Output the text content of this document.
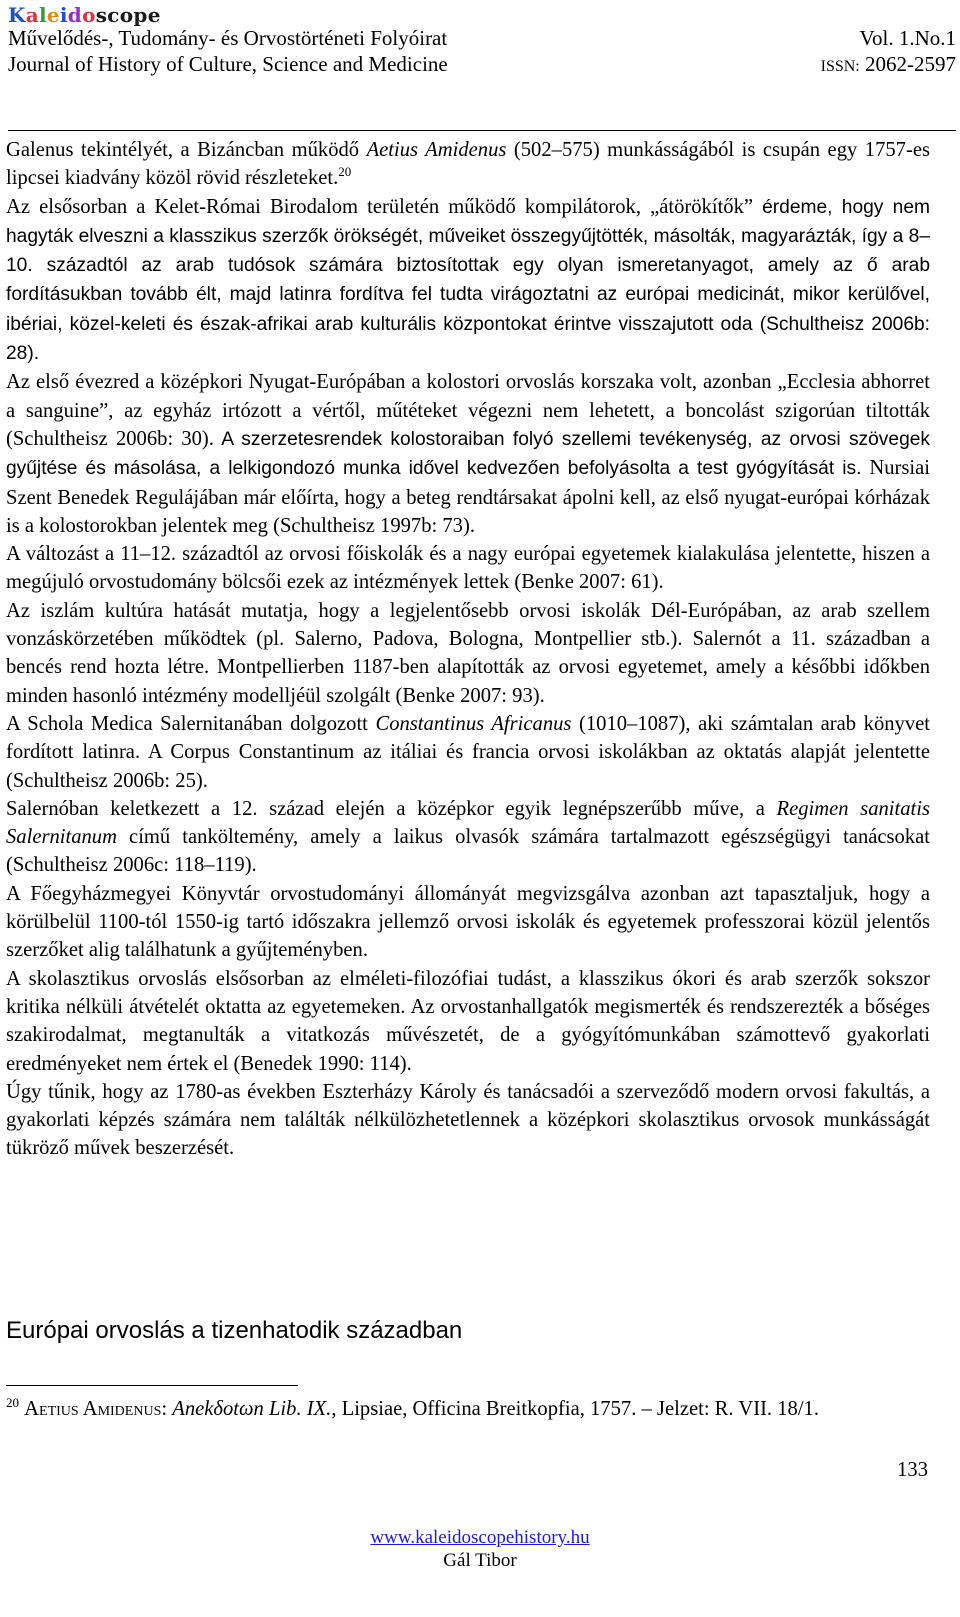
Kaleidoscope
Művelődés-, Tudomány- és Orvostörténeti Folyóirat
Journal of History of Culture, Science and Medicine
Vol. 1.No.1
ISSN: 2062-2597

Galenus tekintélyét, a Bizáncban működő Aetius Amidenus (502–575) munkásságából is csupán egy 1757-es lipcsei kiadvány közöl rövid részleteket.$^{20}$

Az elsősorban a Kelet-Római Birodalom területén működő kompilátorok, „átörökítők” érdeme, hogy nem hagyták elveszni a klasszikus szerzők örökségét, műveiket összegyűjtötték, másolták, magyarázták, így a 8–10. századtól az arab tudósok számára biztosítottak egy olyan ismeretanyagot, amely az ő arab fordításukban tovább élt, majd latinra fordítva fel tudta virágoztatni az európai medicinát, mikor kerülővel, ibériai, közel-keleti és észak-afrikai arab kulturális központokat érintve visszajutott oda (Schultheisz 2006b: 28).

Az első évezred a középkori Nyugat-Európában a kolostori orvoslás korszaka volt, azonban „Ecclesia abhorret a sanguine”, az egyház irtózott a vértől, műtéteket végezni nem lehetett, a boncolást szigorúan tiltották (Schultheisz 2006b: 30). A szerzetesrendek kolostoraiban folyó szellemi tevékenység, az orvosi szövegek gyűjtése és másolása, a lelkigondozó munka idővel kedvezően befolyásolta a test gyógyítását is. Nursiai Szent Benedek Regulájában már előírta, hogy a beteg rendtársakat ápolni kell, az első nyugat-európai kórházak is a kolostorokban jelentek meg (Schultheisz 1997b: 73).

A változást a 11–12. századtól az orvosi főiskolák és a nagy európai egyetemek kialakulása jelentette, hiszen a megújuló orvostudomány bölcsői ezek az intézmények lettek (Benke 2007: 61).

Az iszlám kultúra hatását mutatja, hogy a legjelentősebb orvosi iskolák Dél-Európában, az arab szellem vonzáskörzetében működtek (pl. Salerno, Padova, Bologna, Montpellier stb.). Salernót a 11. században a bencés rend hozta létre. Montpellierben 1187-ben alapították az orvosi egyetemet, amely a későbbi időkben minden hasonló intézmény modelljéül szolgált (Benke 2007: 93).

A Schola Medica Salernitanában dolgozott Constantinus Africanus (1010–1087), aki számtalan arab könyvet fordított latinra. A Corpus Constantinum az itáliai és francia orvosi iskolákban az oktatás alapját jelentette (Schultheisz 2006b: 25).

Salernóban keletkezett a 12. század elején a középkor egyik legnépszerűbb műve, a Regimen sanitatis Salernitanum című tanköltemény, amely a laikus olvasók számára tartalmazott egészségügyi tanácsokat (Schultheisz 2006c: 118–119).

A Főegyházmegyei Könyvtár orvostudományi állományát megvizsgálva azonban azt tapasztaljuk, hogy a körülbelül 1100-tól 1550-ig tartó időszakra jellemző orvosi iskolák és egyetemek professzorai közül jelentős szerzőket alig találhatunk a gyűjteményben.

A skolasztikus orvoslás elsősorban az elméleti-filozófiai tudást, a klasszikus ókori és arab szerzők sokszor kritika nélküli átvételét oktatta az egyetemeken. Az orvostanhallgatók megismerték és rendszerezték a bőséges szakirodalmat, megtanulták a vitatkozás művészetét, de a gyógyítómunkában számottevő gyakorlati eredményeket nem értek el (Benedek 1990: 114).

Úgy tűnik, hogy az 1780-as években Eszterházy Károly és tanácsadói a szerveződő modern orvosi fakultás, a gyakorlati képzés számára nem találták nélkülözhetetlennek a középkori skolasztikus orvosok munkásságát tükröző művek beszerzését.

Európai orvoslás a tizenhatodik században
$^{20}$ Aetius Amidenus: Anekδotωn Lib. IX., Lipsiae, Officina Breitkopfia, 1757. – Jelzet: R. VII. 18/1.
133
www.kaleidoscopehistory.hu
Gál Tibor
